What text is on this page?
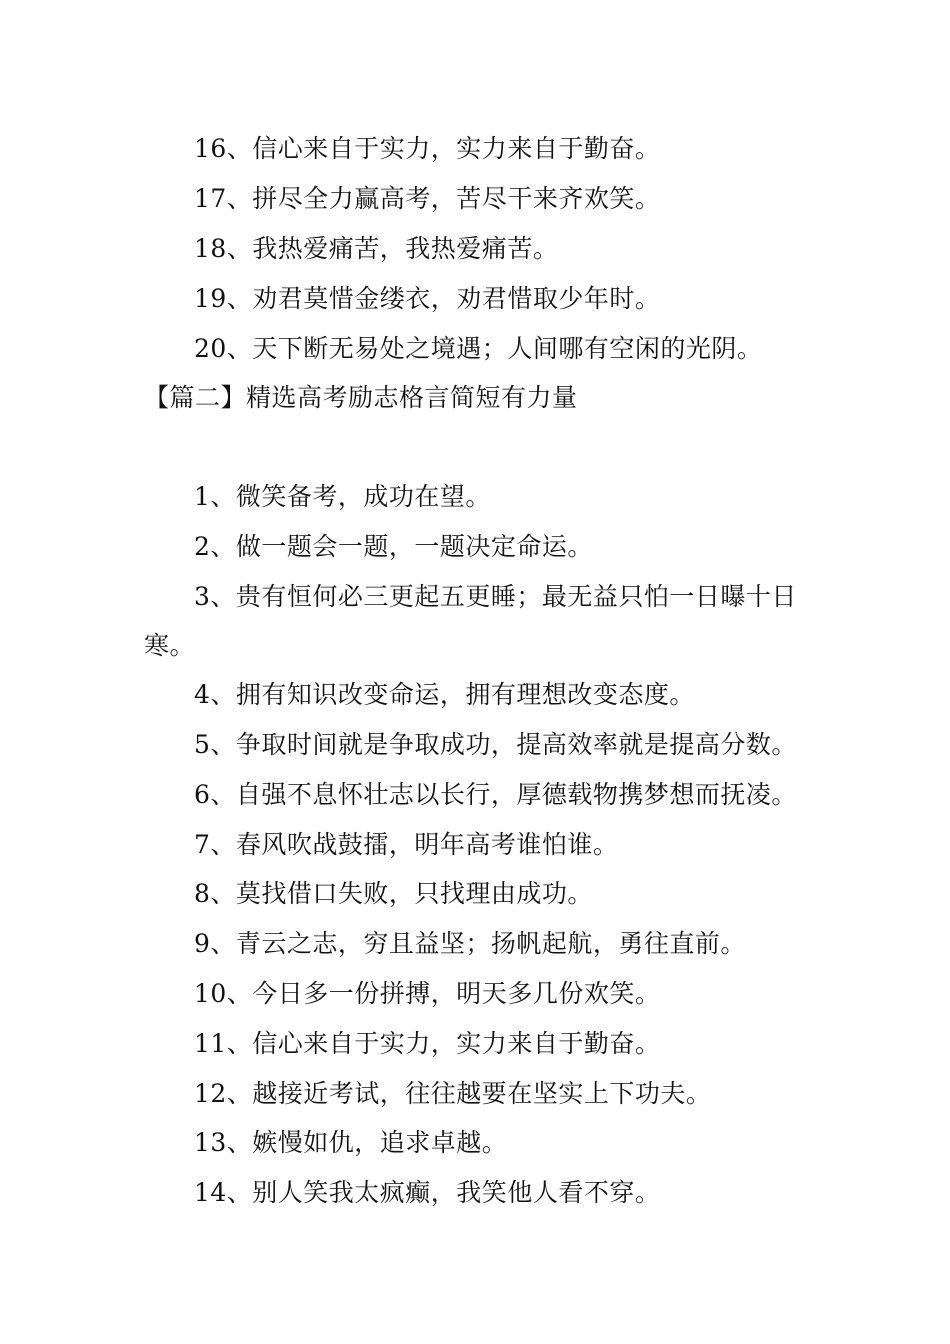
16、信心来自于实力，实力来自于勤奋。
17、拼尽全力赢高考，苦尽干来齐欢笑。
18、我热爱痛苦，我热爱痛苦。
19、劝君莫惜金缕衣，劝君惜取少年时。
20、天下断无易处之境遇；人间哪有空闲的光阴。
【篇二】精选高考励志格言简短有力量
1、微笑备考，成功在望。
2、做一题会一题，一题决定命运。
3、贵有恒何必三更起五更睡；最无益只怕一日曝十日
寒。
4、拥有知识改变命运，拥有理想改变态度。
5、争取时间就是争取成功，提高效率就是提高分数。
6、自强不息怀壮志以长行，厚德载物携梦想而抚凌。
7、春风吹战鼓擂，明年高考谁怕谁。
8、莫找借口失败，只找理由成功。
9、青云之志，穷且益坚；扬帆起航，勇往直前。
10、今日多一份拼搏，明天多几份欢笑。
11、信心来自于实力，实力来自于勤奋。
12、越接近考试，往往越要在坚实上下功夫。
13、嫉慢如仇，追求卓越。
14、别人笑我太疯癫，我笑他人看不穿。
